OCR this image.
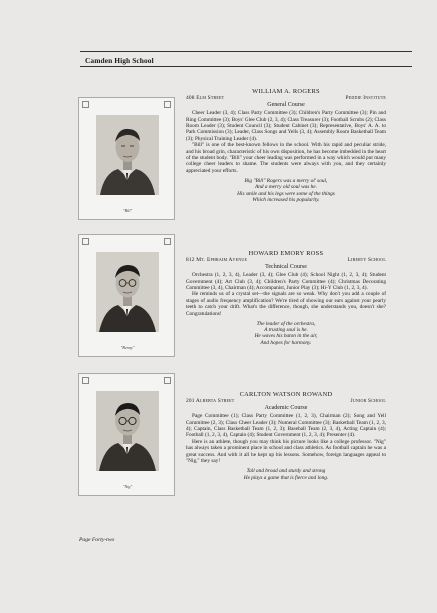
Camden High School
"Bill"
"Benny"
"Nig"
WILLIAM A. ROGERS
408 Elm Street	Peddie Institute
General Course

Cheer Leader (3, 4); Class Party Committee (3); Children's Party Committee (3); Pin and Ring Committee (3); Boys' Glee Club (2, 3, 4); Class Treasurer (3); Football Scrubs (2); Class Room Leader (3); Student Council (3); Student Cabinet (3); Representative, Boys' A. A. to Park Commission (3); Leader, Class Songs and Yells (3, 4); Assembly Room Basketball Team (3); Physical Training Leader (4).

"Bill" is one of the best-known fellows in the school. With his rapid and peculiar stride, and his broad grin, characteristic of his own disposition, he has become imbedded in the heart of the student body. "Bill" your cheer leading was performed in a way which would put many college cheer leaders to shame. The students were always with you, and they certainly appreciated your efforts.

Big "Bill" Rogers was a merry ol' soul,
And a merry old soul was he.
His smile and his legs were some of the things
Which increased his popularity.
HOWARD EMORY ROSS
812 Mt. Ephraim Avenue	Liberty School
Technical Course

Orchestra (1, 2, 3, 4), Leader (3, 4); Glee Club (4); School Night (1, 2, 3, 4); Student Government (4); Art Club (3, 4); Children's Party Committee (4); Christmas Decorating Committee (3, 4), Chairman (4); Accompanist, Junior Play (3); Hi-Y Club (1, 2, 3, 4).

He reminds us of a crystal set—the signals are so weak. Why don't you add a couple of stages of audio frequency amplification? We're tired of showing our ears against your pearly teeth to catch your drift. What's the difference, though, she understands you, doesn't she? Congratulations!

The leader of the orchestra,
A trusting soul is he.
He waves his baton in the air,
And hopes for harmony.
CARLTON WATSON ROWAND
201 Alberta Street	Junior School
Academic Course

Page Committee (1); Class Party Committee (1, 2, 3), Chairman (2); Song and Yell Committee (2, 3); Class Cheer Leader (3); Numeral Committee (3); Basketball Team (1, 2, 3, 4); Captain, Class Basketball Team (1, 2, 3); Baseball Team (2, 3, 4), Acting Captain (4); Football (1, 2, 3, 4), Captain (4); Student Government (1, 2, 3, 4); Presenter (4).

Here is an athlete, though you may think his picture looks like a college professor. "Nig" has always taken a prominent place in school and class athletics. As football captain he was a great success. And with it all he kept up his lessons. Somehow, foreign languages appeal to "Nig," they say!

Tall and broad and sturdy and strong
He plays a game that is fierce and long.
Page Forty-two
